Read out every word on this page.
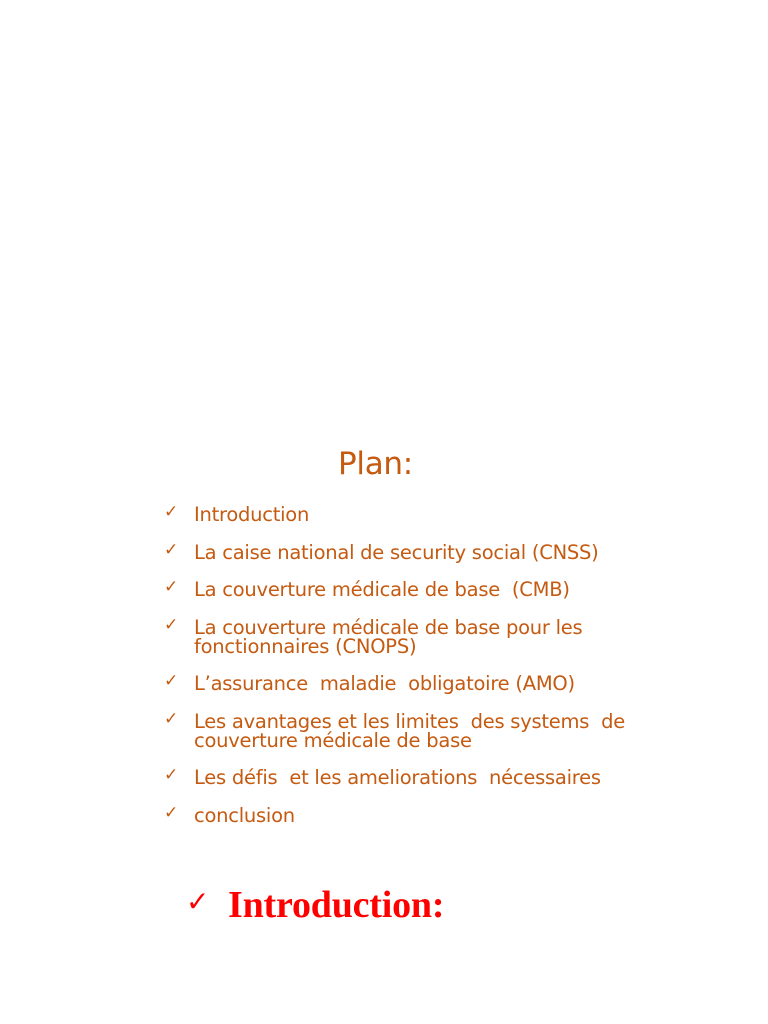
Plan:
✓ Introduction
✓ La caise national de security social (CNSS)
✓ La couverture médicale de base  (CMB)
✓ La couverture médicale de base pour les
fonctionnaires (CNOPS)
✓ L’assurance  maladie  obligatoire (AMO)
✓ Les avantages et les limites  des systems  de
couverture médicale de base
✓ Les défis  et les ameliorations  nécessaires
✓ conclusion
✓ Introduction:
